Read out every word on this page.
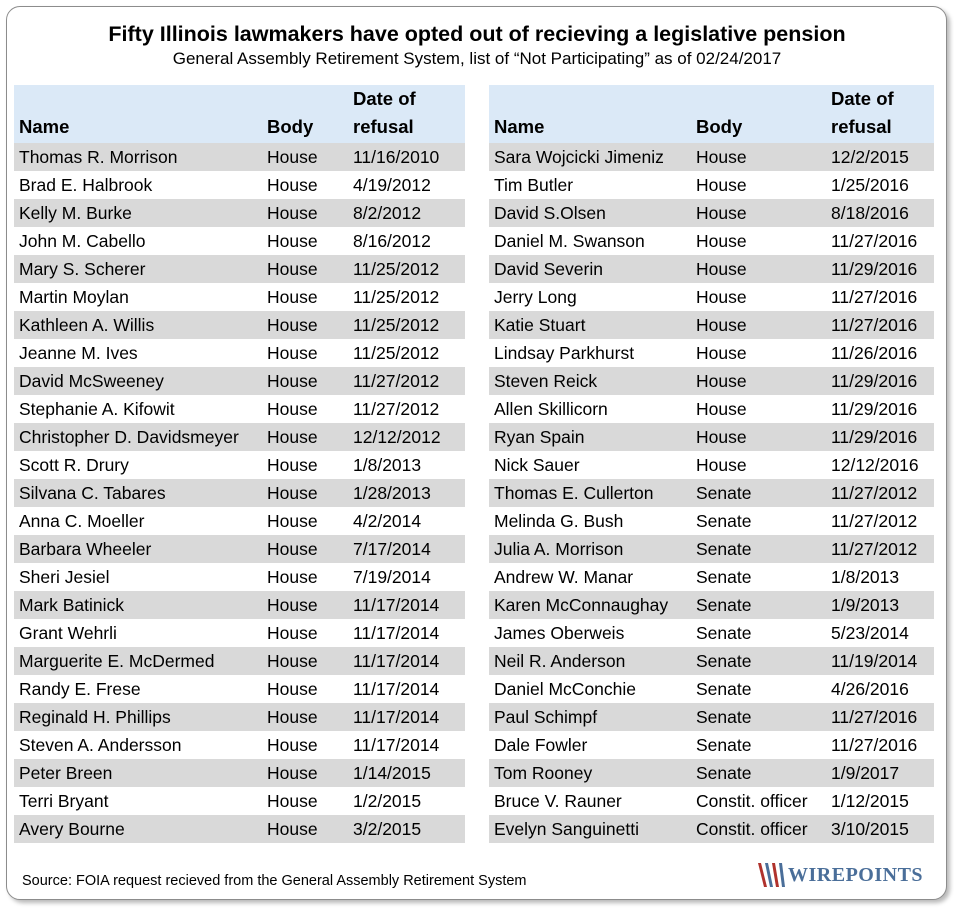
Fifty Illinois lawmakers have opted out of recieving a legislative pension
General Assembly Retirement System, list of “Not Participating” as of 02/24/2017
Name	Body	Date of
refusal
Thomas R. Morrison	House	11/16/2010
Brad E. Halbrook	House	4/19/2012
Kelly M. Burke	House	8/2/2012
John M. Cabello	House	8/16/2012
Mary S. Scherer	House	11/25/2012
Martin Moylan	House	11/25/2012
Kathleen A. Willis	House	11/25/2012
Jeanne M. Ives	House	11/25/2012
David McSweeney	House	11/27/2012
Stephanie A. Kifowit	House	11/27/2012
Christopher D. Davidsmeyer	House	12/12/2012
Scott R. Drury	House	1/8/2013
Silvana C. Tabares	House	1/28/2013
Anna C. Moeller	House	4/2/2014
Barbara Wheeler	House	7/17/2014
Sheri Jesiel	House	7/19/2014
Mark Batinick	House	11/17/2014
Grant Wehrli	House	11/17/2014
Marguerite E. McDermed	House	11/17/2014
Randy E. Frese	House	11/17/2014
Reginald H. Phillips	House	11/17/2014
Steven A. Andersson	House	11/17/2014
Peter Breen	House	1/14/2015
Terri Bryant	House	1/2/2015
Avery Bourne	House	3/2/2015
Name	Body	Date of
refusal
Sara Wojcicki Jimeniz	House	12/2/2015
Tim Butler	House	1/25/2016
David S.Olsen	House	8/18/2016
Daniel M. Swanson	House	11/27/2016
David Severin	House	11/29/2016
Jerry Long	House	11/27/2016
Katie Stuart	House	11/27/2016
Lindsay Parkhurst	House	11/26/2016
Steven Reick	House	11/29/2016
Allen Skillicorn	House	11/29/2016
Ryan Spain	House	11/29/2016
Nick Sauer	House	12/12/2016
Thomas E. Cullerton	Senate	11/27/2012
Melinda G. Bush	Senate	11/27/2012
Julia A. Morrison	Senate	11/27/2012
Andrew W. Manar	Senate	1/8/2013
Karen McConnaughay	Senate	1/9/2013
James Oberweis	Senate	5/23/2014
Neil R. Anderson	Senate	11/19/2014
Daniel McConchie	Senate	4/26/2016
Paul Schimpf	Senate	11/27/2016
Dale Fowler	Senate	11/27/2016
Tom Rooney	Senate	1/9/2017
Bruce V. Rauner	Constit. officer	1/12/2015
Evelyn Sanguinetti	Constit. officer	3/10/2015
Source: FOIA request recieved from the General Assembly Retirement System	WIREPOINTS
